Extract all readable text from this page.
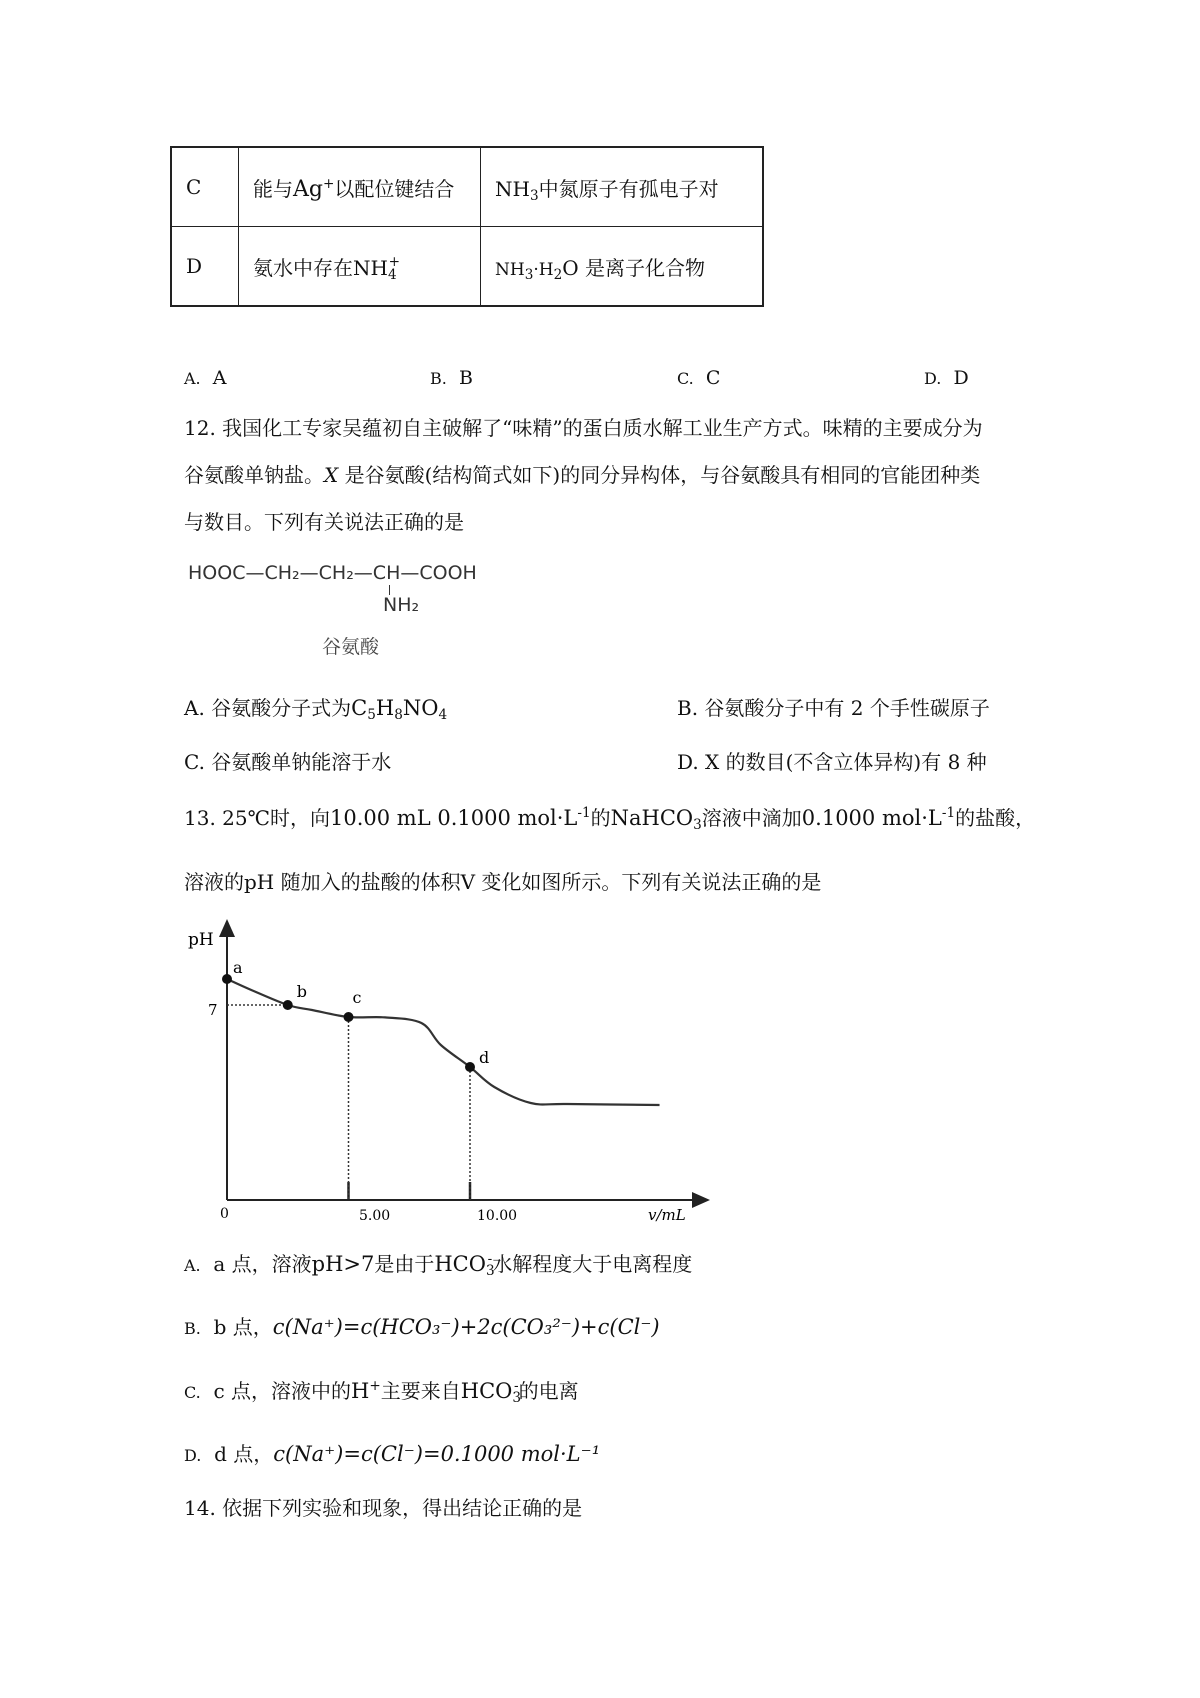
C	能与Ag+以配位键结合	$NH_3$中氮原子有孤电子对
D	氨水中存在$NH_4^+$	$NH_3\cdot H_2O$ 是离子化合物
A. A	B. B	C. C	D. D
12. 我国化工专家吴蕴初自主破解了“味精”的蛋白质水解工业生产方式。味精的主要成分为
谷氨酸单钠盐。X 是谷氨酸(结构简式如下)的同分异构体，与谷氨酸具有相同的官能团种类
与数目。下列有关说法正确的是
HOOC—CH₂—CH₂—CH—COOH
NH₂
谷氨酸
A. 谷氨酸分子式为$C_5H_8NO_4$	B. 谷氨酸分子中有 2 个手性碳原子
C. 谷氨酸单钠能溶于水	D. X 的数目(不含立体异构)有 8 种
13. 25℃时，向10.00 mL 0.1000 $mol\cdot L^{-1}$的NaHCO$_3$溶液中滴加0.1000 $mol\cdot L^{-1}$的盐酸，
溶液的pH 随加入的盐酸的体积V 变化如图所示。下列有关说法正确的是
pH
v/mL
0	5.00	10.00
7
a
b	c
d
A. a 点，溶液pH>7是由于$HCO_3^-$水解程度大于电离程度
B. b 点，c(Na⁺)=c(HCO₃⁻)+2c(CO₃²⁻)+c(Cl⁻)
C. c 点，溶液中的H+主要来自$HCO_3^-$的电离
D. d 点，c(Na⁺)=c(Cl⁻)=0.1000 mol·L⁻¹
14. 依据下列实验和现象，得出结论正确的是
